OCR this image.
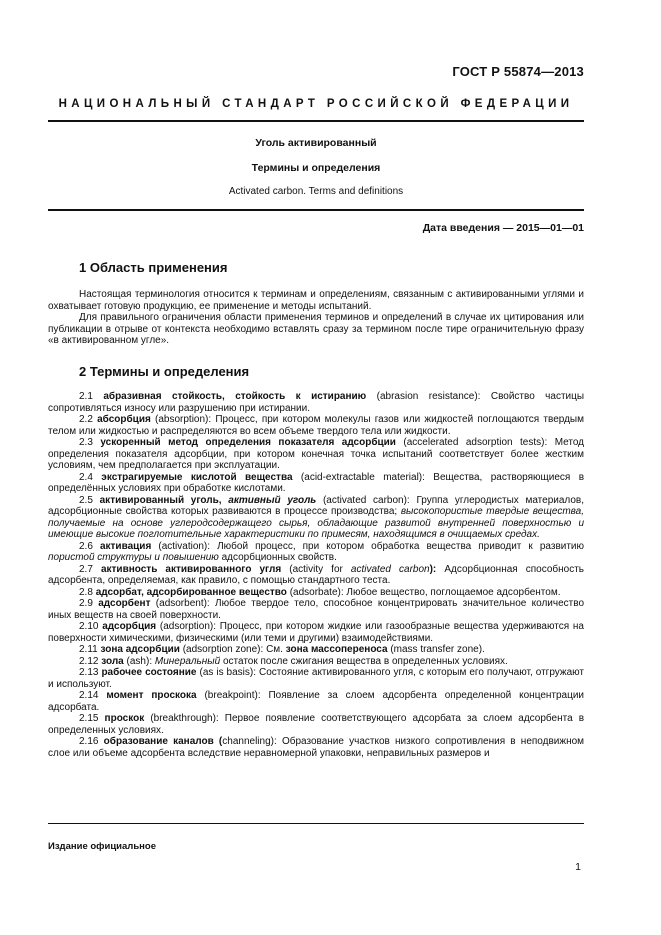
ГОСТ Р 55874—2013
НАЦИОНАЛЬНЫЙ СТАНДАРТ РОССИЙСКОЙ ФЕДЕРАЦИИ
Уголь активированный
Термины и определения
Activated carbon. Terms and definitions
Дата введения — 2015—01—01
1 Область применения

Настоящая терминология относится к терминам и определениям, связанным с активированными углями и охватывает готовую продукцию, ее применение и методы испытаний.

Для правильного ограничения области применения терминов и определений в случае их цитирования или публикации в отрыве от контекста необходимо вставлять сразу за термином после тире ограничительную фразу «в активированном угле».

2 Термины и определения

2.1 абразивная стойкость, стойкость к истиранию (abrasion resistance): Свойство частицы сопротивляться износу или разрушению при истирании.

2.2 абсорбция (absorption): Процесс, при котором молекулы газов или жидкостей поглощаются твердым телом или жидкостью и распределяются во всем объеме твердого тела или жидкости.

2.3 ускоренный метод определения показателя адсорбции (accelerated adsorption tests): Метод определения показателя адсорбции, при котором конечная точка испытаний соответствует более жестким условиям, чем предполагается при эксплуатации.

2.4 экстрагируемые кислотой вещества (acid-extractable material): Вещества, растворяющиеся в определённых условиях при обработке кислотами.

2.5 активированный уголь, активный уголь (activated carbon): Группа углеродистых материалов, адсорбционные свойства которых развиваются в процессе производства; высокопористые твердые вещества, получаемые на основе углеродсодержащего сырья, обладающие развитой внутренней поверхностью и имеющие высокие поглотительные характеристики по примесям, находящимся в очищаемых средах.

2.6 активация (activation): Любой процесс, при котором обработка вещества приводит к развитию пористой структуры и повышению адсорбционных свойств.

2.7 активность активированного угля (activity for activated carbon): Адсорбционная способность адсорбента, определяемая, как правило, с помощью стандартного теста.

2.8 адсорбат, адсорбированное вещество (adsorbate): Любое вещество, поглощаемое адсорбентом.

2.9 адсорбент (adsorbent): Любое твердое тело, способное концентрировать значительное количество иных веществ на своей поверхности.

2.10 адсорбция (adsorption): Процесс, при котором жидкие или газообразные вещества удерживаются на поверхности химическими, физическими (или теми и другими) взаимодействиями.

2.11 зона адсорбции (adsorption zone): См. зона массопереноса (mass transfer zone).

2.12 зола (ash): Минеральный остаток после сжигания вещества в определенных условиях.

2.13 рабочее состояние (as is basis): Состояние активированного угля, с которым его получают, отгружают и используют.

2.14 момент проскока (breakpoint): Появление за слоем адсорбента определенной концентрации адсорбата.

2.15 проскок (breakthrough): Первое появление соответствующего адсорбата за слоем адсорбента в определенных условиях.

2.16 образование каналов (channeling): Образование участков низкого сопротивления в неподвижном слое или объеме адсорбента вследствие неравномерной упаковки, неправильных размеров и

Издание официальное
1
